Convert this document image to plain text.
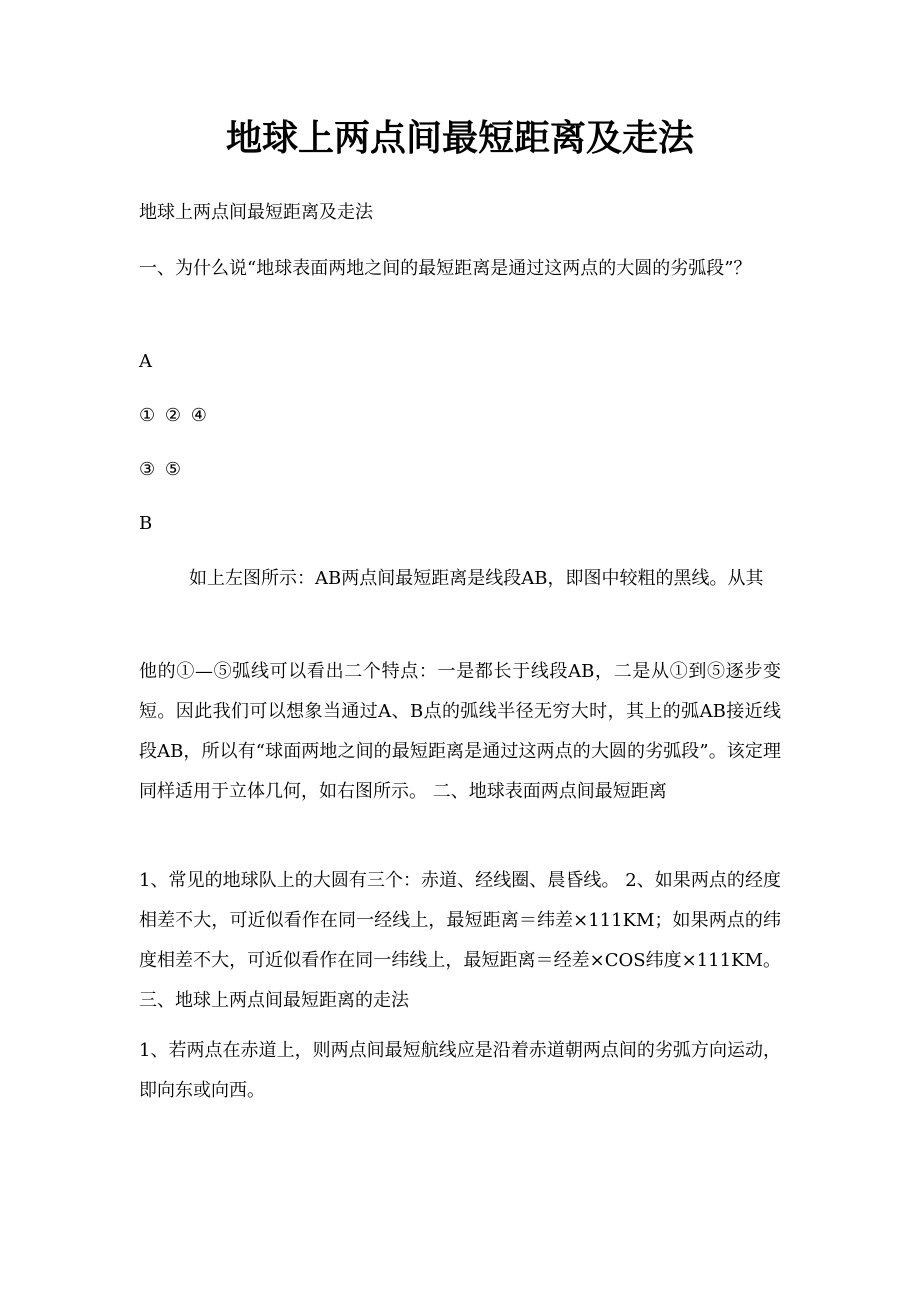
地球上两点间最短距离及走法

地球上两点间最短距离及走法

一、为什么说“地球表面两地之间的最短距离是通过这两点的大圆的劣弧段”？

A

① ② ④

③ ⑤

B

如上左图所示：AB两点间最短距离是线段AB，即图中较粗的黑线。从其

他的①—⑤弧线可以看出二个特点：一是都长于线段AB，二是从①到⑤逐步变短。因此我们可以想象当通过A、B点的弧线半径无穷大时，其上的弧AB接近线段AB，所以有“球面两地之间的最短距离是通过这两点的大圆的劣弧段”。该定理同样适用于立体几何，如右图所示。 二、地球表面两点间最短距离

1、常见的地球队上的大圆有三个：赤道、经线圈、晨昏线。 2、如果两点的经度相差不大，可近似看作在同一经线上，最短距离＝纬差×111KM；如果两点的纬度相差不大，可近似看作在同一纬线上，最短距离＝经差×COS纬度×111KM。 三、地球上两点间最短距离的走法

1、若两点在赤道上，则两点间最短航线应是沿着赤道朝两点间的劣弧方向运动，即向东或向西。
